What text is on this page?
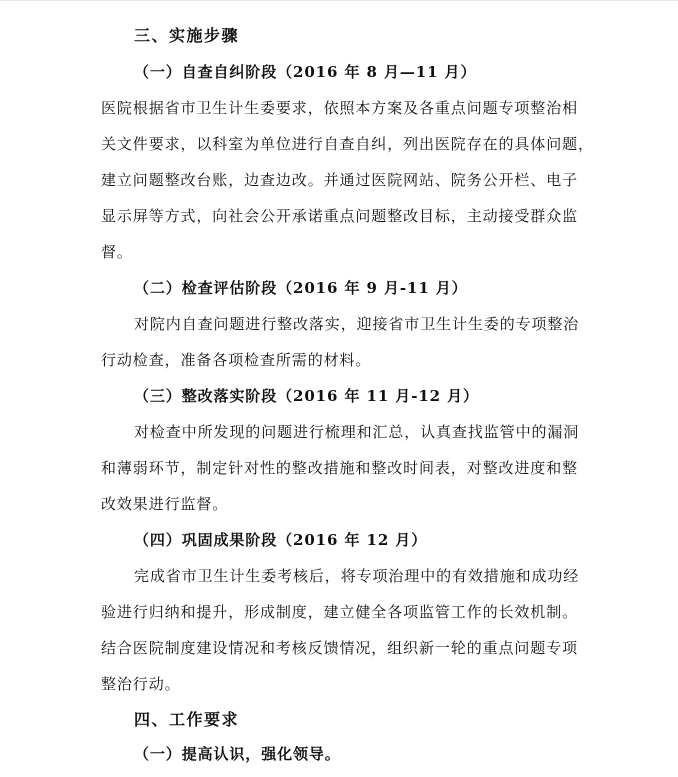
三、实施步骤
（一）自查自纠阶段（2016 年 8 月—11 月）
医院根据省市卫生计生委要求，依照本方案及各重点问题专项整治相
关文件要求，以科室为单位进行自查自纠，列出医院存在的具体问题，
建立问题整改台账，边查边改。并通过医院网站、院务公开栏、电子
显示屏等方式，向社会公开承诺重点问题整改目标，主动接受群众监
督。
（二）检查评估阶段（2016 年 9 月-11 月）
对院内自查问题进行整改落实，迎接省市卫生计生委的专项整治
行动检查，准备各项检查所需的材料。
（三）整改落实阶段（2016 年 11 月-12 月）
对检查中所发现的问题进行梳理和汇总，认真查找监管中的漏洞
和薄弱环节，制定针对性的整改措施和整改时间表，对整改进度和整
改效果进行监督。
（四）巩固成果阶段（2016 年 12 月）
完成省市卫生计生委考核后，将专项治理中的有效措施和成功经
验进行归纳和提升，形成制度，建立健全各项监管工作的长效机制。
结合医院制度建设情况和考核反馈情况，组织新一轮的重点问题专项
整治行动。
四、工作要求
（一）提高认识，强化领导。
